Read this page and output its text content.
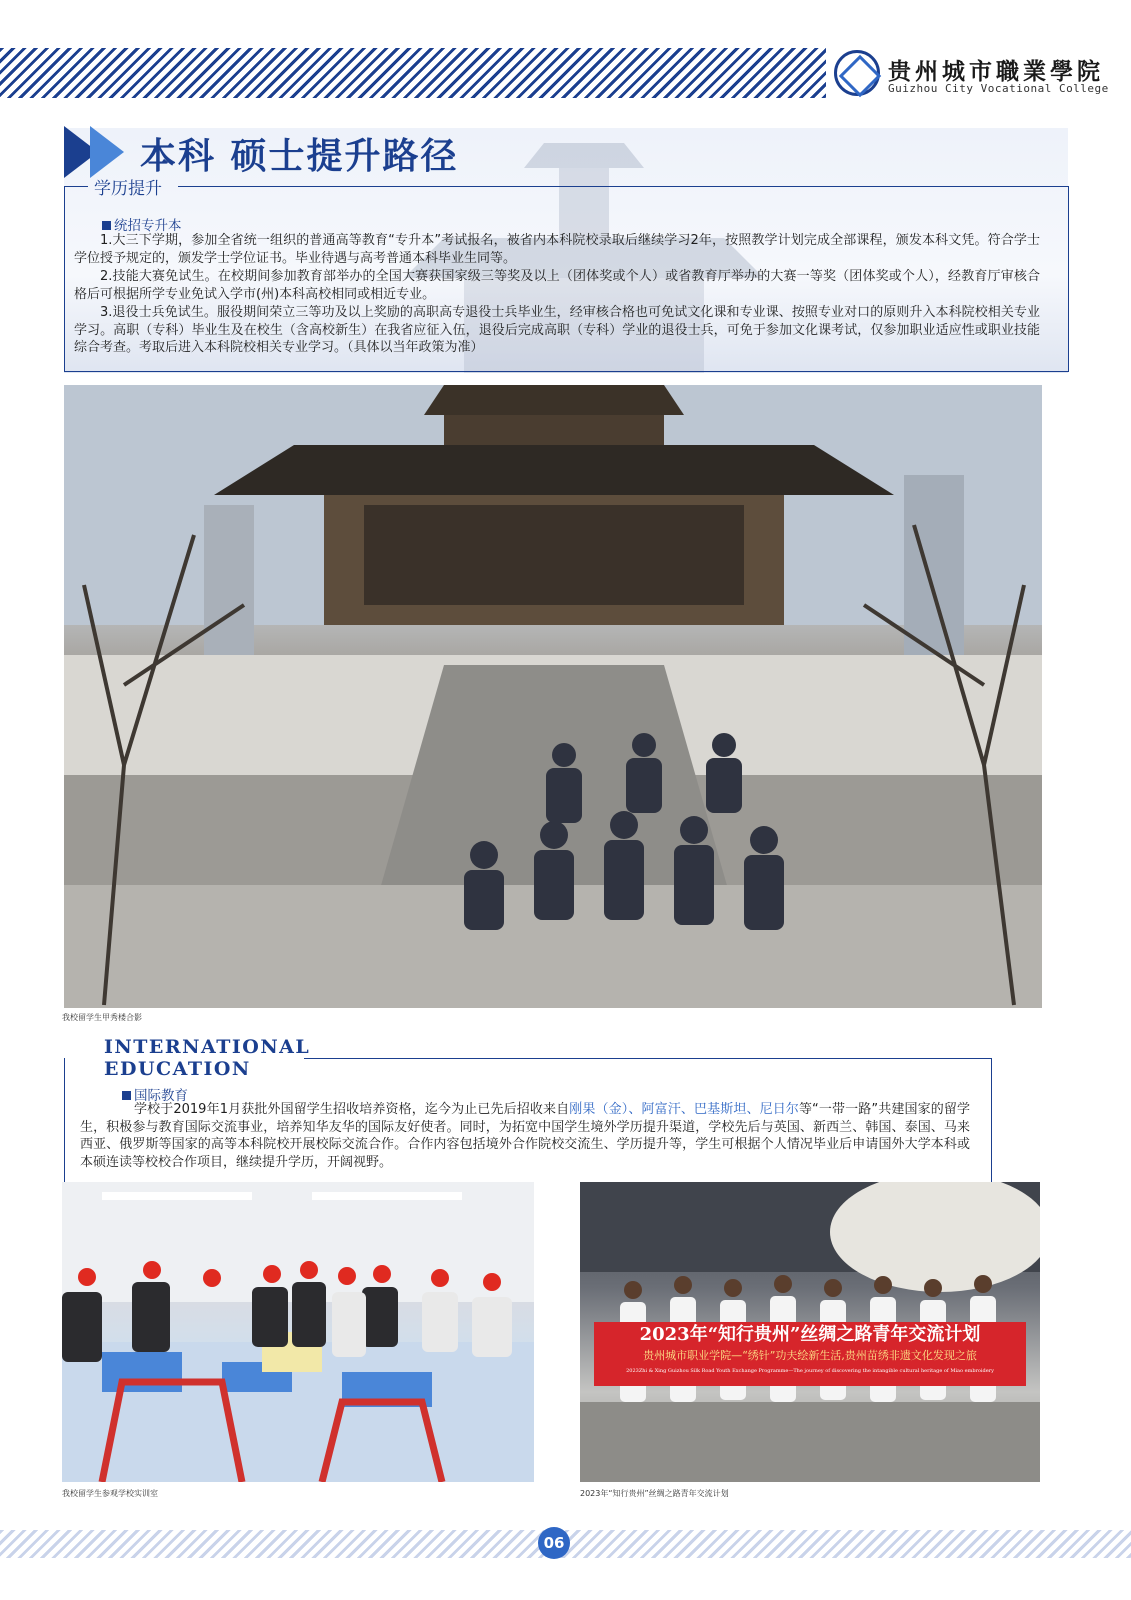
贵州城市職業學院
Guizhou City Vocational College
本科 硕士提升路径
学历提升
统招专升本
1.大三下学期，参加全省统一组织的普通高等教育“专升本”考试报名，被省内本科院校录取后继续学习2年，按照教学计划完成全部课程，颁发本科文凭。符合学士学位授予规定的，颁发学士学位证书。毕业待遇与高考普通本科毕业生同等。
2.技能大赛免试生。在校期间参加教育部举办的全国大赛获国家级三等奖及以上（团体奖或个人）或省教育厅举办的大赛一等奖（团体奖或个人），经教育厅审核合格后可根据所学专业免试入学市(州)本科高校相同或相近专业。
3.退役士兵免试生。服役期间荣立三等功及以上奖励的高职高专退役士兵毕业生，经审核合格也可免试文化课和专业课、按照专业对口的原则升入本科院校相关专业学习。高职（专科）毕业生及在校生（含高校新生）在我省应征入伍，退役后完成高职（专科）学业的退役士兵，可免于参加文化课考试，仅参加职业适应性或职业技能综合考查。考取后进入本科院校相关专业学习。（具体以当年政策为准）
我校留学生甲秀楼合影
INTERNATIONAL
EDUCATION
国际教育
学校于2019年1月获批外国留学生招收培养资格，迄今为止已先后招收来自刚果（金）、阿富汗、巴基斯坦、尼日尔等“一带一路”共建国家的留学生，积极参与教育国际交流事业，培养知华友华的国际友好使者。同时，为拓宽中国学生境外学历提升渠道，学校先后与英国、新西兰、韩国、泰国、马来西亚、俄罗斯等国家的高等本科院校开展校际交流合作。合作内容包括境外合作院校交流生、学历提升等，学生可根据个人情况毕业后申请国外大学本科或本硕连读等校校合作项目，继续提升学历，开阔视野。
我校留学生参观学校实训室
2023年“知行贵州”丝绸之路青年交流计划
贵州城市职业学院—“绣针”功夫绘新生活,贵州苗绣非遗文化发现之旅
2023Zhi & Xing Guizhou Silk Road Youth Exchange Programme—The journey of discovering the intangible cultural heritage of Miao embroidery
2023年“知行贵州”丝绸之路青年交流计划
06
